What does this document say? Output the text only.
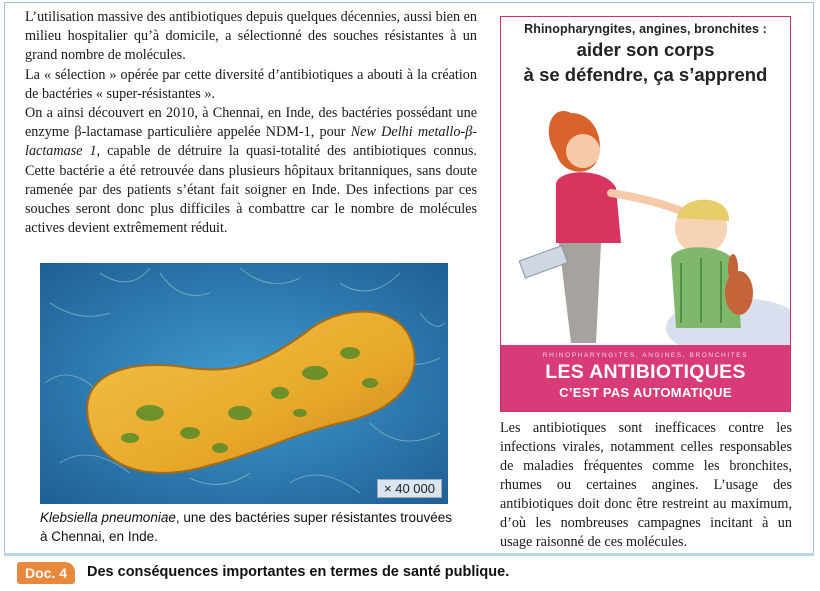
L’utilisation massive des antibiotiques depuis quelques décennies, aussi bien en milieu hospitalier qu’à domicile, a sélectionné des souches résistantes à un grand nombre de molécules.

La « sélection » opérée par cette diversité d’antibiotiques a abouti à la création de bactéries « super-résistantes ».

On a ainsi découvert en 2010, à Chennai, en Inde, des bactéries possédant une enzyme β-lactamase particulière appelée NDM-1, pour New Delhi metallo-β-lactamase 1, capable de détruire la quasi-totalité des antibiotiques connus. Cette bactérie a été retrouvée dans plusieurs hôpitaux britanniques, sans doute ramenée par des patients s’étant fait soigner en Inde. Des infections par ces souches seront donc plus difficiles à combattre car le nombre de molécules actives devient extrêmement réduit.

× 40 000
Klebsiella pneumoniae, une des bactéries super résistantes trouvées à Chennai, en Inde.
Rhinopharyngites, angines, bronchites :
aider son corps
à se défendre, ça s’apprend
RHINOPHARYNGITES, ANGINES, BRONCHITES
LES ANTIBIOTIQUES
C’EST PAS AUTOMATIQUE

Les antibiotiques sont inefficaces contre les infections virales, notamment celles responsables de maladies fréquentes comme les bronchites, rhumes ou certaines angines. L’usage des antibiotiques doit donc être restreint au maximum, d’où les nombreuses campagnes incitant à un usage raisonné de ces molécules.

Doc. 4	Des conséquences importantes en termes de santé publique.
